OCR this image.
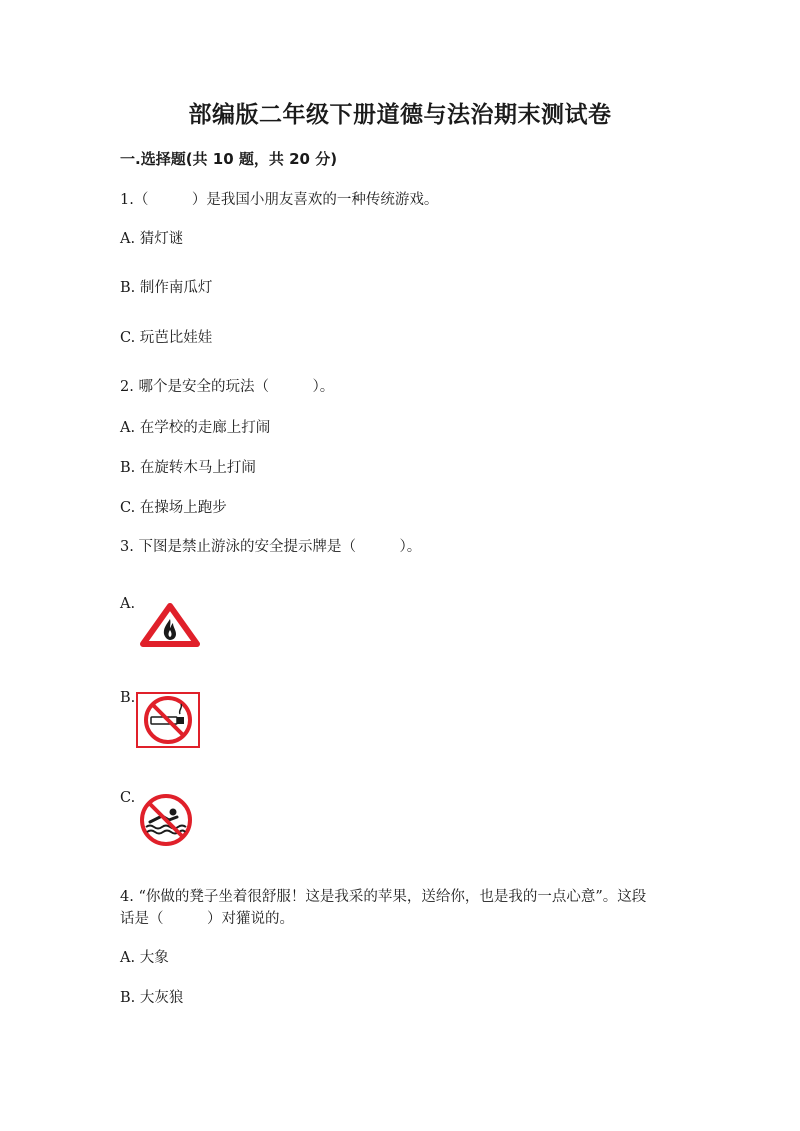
部编版二年级下册道德与法治期末测试卷
一.选择题(共 10 题，共 20 分)
1.（　　　）是我国小朋友喜欢的一种传统游戏。
A. 猜灯谜
B. 制作南瓜灯
C. 玩芭比娃娃
2. 哪个是安全的玩法（　　　）。
A. 在学校的走廊上打闹
B. 在旋转木马上打闹
C. 在操场上跑步
3. 下图是禁止游泳的安全提示牌是（　　　）。
A.
B.
C.
4. “你做的凳子坐着很舒服！这是我采的苹果，送给你，也是我的一点心意”。这段话是（　　　）对獾说的。
A. 大象
B. 大灰狼
